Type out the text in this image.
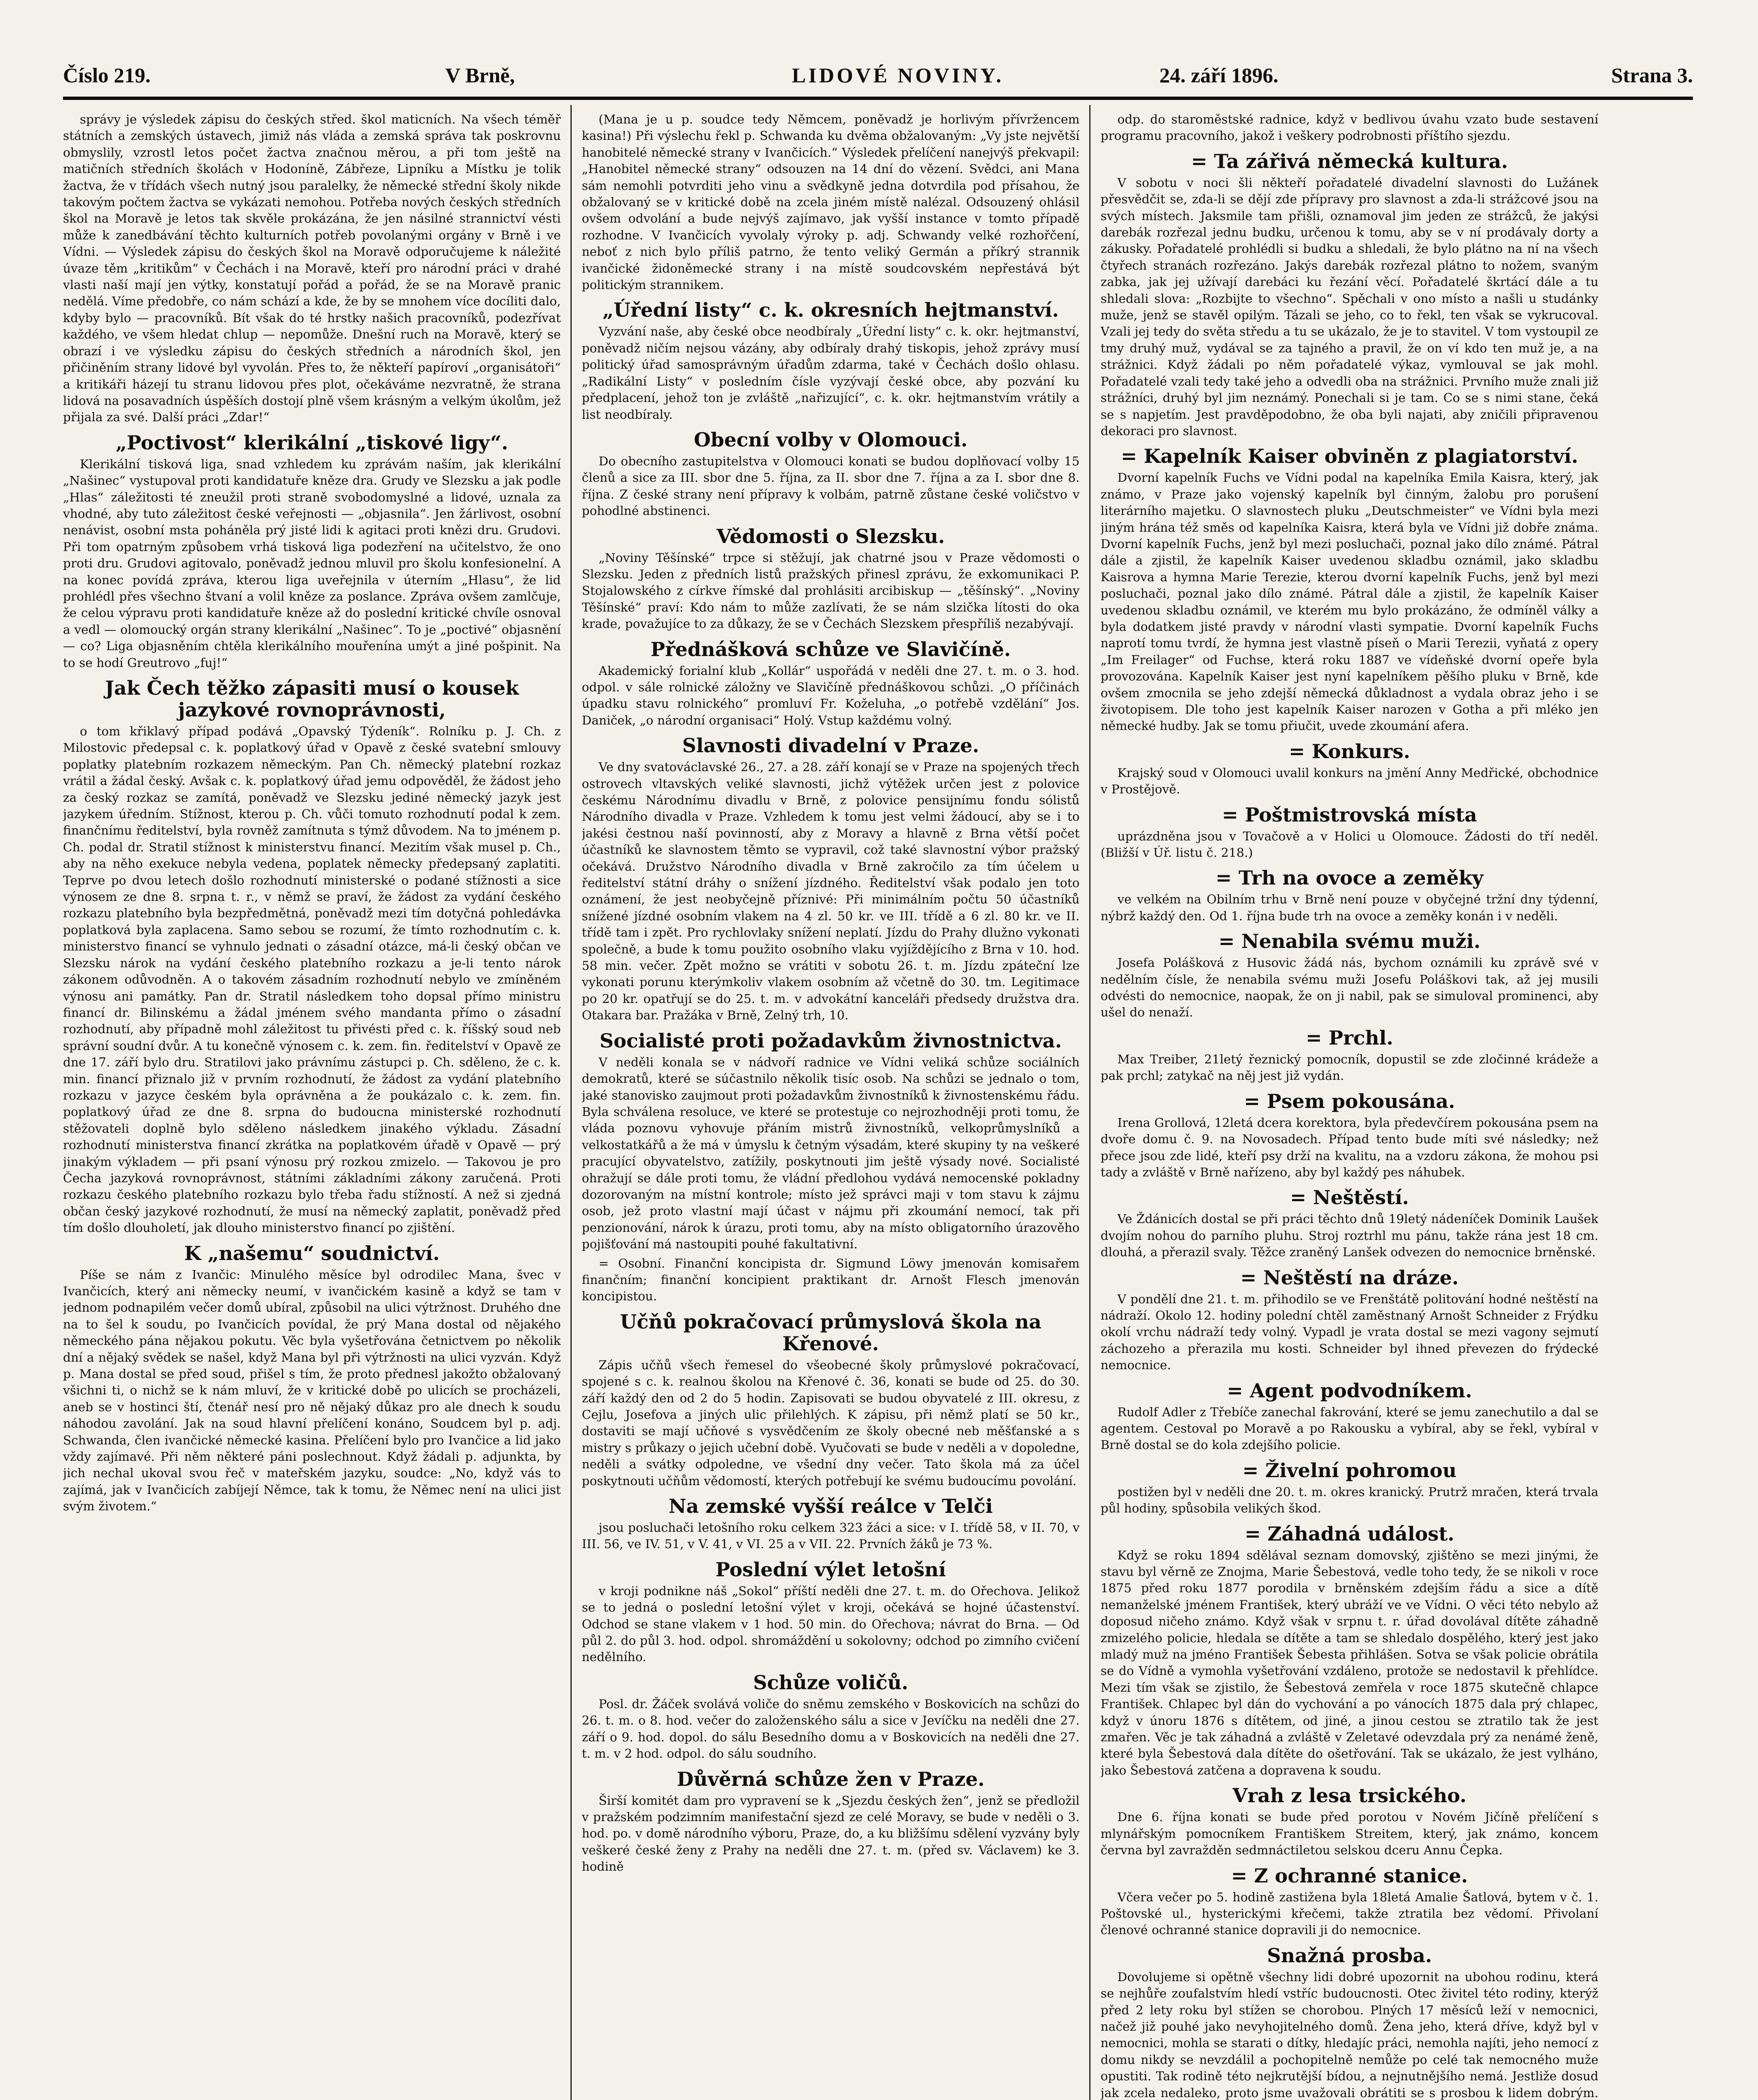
Číslo 219.	V Brně,	LIDOVÉ NOVINY.	24. září 1896.	Strana 3.

správy je výsledek zápisu do českých střed. škol maticních. Na všech téměř státních a zemských ústavech, jimiž nás vláda a zemská správa tak poskrovnu obmyslily, vzrostl letos počet žactva značnou měrou, a při tom ještě na matičních středních školách v Hodoníně, Zábřeze, Lipníku a Místku je tolik žactva, že v třídách všech nutný jsou paralelky, že německé střední školy nikde takovým počtem žactva se vykázati nemohou. Potřeba nových českých středních škol na Moravě je letos tak skvěle prokázána, že jen násilné strannictví vésti může k zanedbávání těchto kulturních potřeb povolanými orgány v Brně i ve Vídni. — Výsledek zápisu do českých škol na Moravě odporučujeme k náležité úvaze těm „kritikům“ v Čechách i na Moravě, kteří pro národní práci v drahé vlasti naší mají jen výtky, konstatují pořád a pořád, že se na Moravě pranic nedělá. Víme předobře, co nám schází a kde, že by se mnohem více docíliti dalo, kdyby bylo — pracovníků. Bít však do té hrstky našich pracovníků, podezřívat každého, ve všem hledat chlup — nepomůže. Dnešní ruch na Moravě, který se obrazí i ve výsledku zápisu do českých středních a národních škol, jen přičiněním strany lidové byl vyvolán. Přes to, že někteří papíroví „organisátoři“ a kritikáři házejí tu stranu lidovou přes plot, očekáváme nezvratně, že strana lidová na posavadních úspěších dostojí plně všem krásným a velkým úkolům, jež přijala za své. Další práci „Zdar!“

„Poctivost“ klerikální „tiskové ligy“.

Klerikální tisková liga, snad vzhledem ku zprávám naším, jak klerikální „Našinec“ vystupoval proti kandidatuře kněze dra. Grudy ve Slezsku a jak podle „Hlas“ záležitosti té zneužil proti straně svobodomyslné a lidové, uznala za vhodné, aby tuto záležitost české veřejnosti — „objasnila“. Jen žárlivost, osobní nenávist, osobní msta poháněla prý jisté lidi k agitaci proti knězi dru. Grudovi. Při tom opatrným způsobem vrhá tisková liga podezření na učitelstvo, že ono proti dru. Grudovi agitovalo, poněvadž jednou mluvil pro školu konfesionelní. A na konec povídá zpráva, kterou liga uveřejnila v úterním „Hlasu“, že lid prohlédl přes všechno štvaní a volil kněze za poslance. Zpráva ovšem zamlčuje, že celou výpravu proti kandidatuře kněze až do poslední kritické chvíle osnoval a vedl — olomoucký orgán strany klerikální „Našinec“. To je „poctivé“ objasnění — co? Liga objasněním chtěla klerikálního mouřenína umýt a jiné pošpinit. Na to se hodí Greutrovo „fuj!“

Jak Čech těžko zápasiti musí o kousek jazykové rovnoprávnosti,

o tom křiklavý případ podává „Opavský Týdeník“. Rolníku p. J. Ch. z Milostovic předepsal c. k. poplatkový úřad v Opavě z české svatební smlouvy poplatky platebním rozkazem německým. Pan Ch. německý platební rozkaz vrátil a žádal český. Avšak c. k. poplatkový úřad jemu odpověděl, že žádost jeho za český rozkaz se zamítá, poněvadž ve Slezsku jediné německý jazyk jest jazykem úředním. Stížnost, kterou p. Ch. vůči tomuto rozhodnutí podal k zem. finančnímu ředitelství, byla rovněž zamítnuta s týmž důvodem. Na to jménem p. Ch. podal dr. Stratil stížnost k ministerstvu financí. Mezitím však musel p. Ch., aby na něho exekuce nebyla vedena, poplatek německy předepsaný zaplatiti. Teprve po dvou letech došlo rozhodnutí ministerské o podané stížnosti a sice výnosem ze dne 8. srpna t. r., v němž se praví, že žádost za vydání českého rozkazu platebního byla bezpředmětná, poněvadž mezi tím dotyčná pohledávka poplatková byla zaplacena. Samo sebou se rozumí, že tímto rozhodnutím c. k. ministerstvo financí se vyhnulo jednati o zásadní otázce, má-li český občan ve Slezsku nárok na vydání českého platebního rozkazu a je-li tento nárok zákonem odůvodněn. A o takovém zásadním rozhodnutí nebylo ve zmíněném výnosu ani památky. Pan dr. Stratil následkem toho dopsal přímo ministru financí dr. Bilinskému a žádal jménem svého mandanta přímo o zásadní rozhodnutí, aby případně mohl záležitost tu přivésti před c. k. říšský soud neb správní soudní dvůr. A tu konečně výnosem c. k. zem. fin. ředitelství v Opavě ze dne 17. září bylo dru. Stratilovi jako právnímu zástupci p. Ch. sděleno, že c. k. min. financí přiznalo již v prvním rozhodnutí, že žádost za vydání platebního rozkazu v jazyce českém byla oprávněna a že poukázalo c. k. zem. fin. poplatkový úřad ze dne 8. srpna do budoucna ministerské rozhodnutí stěžovateli doplně bylo sděleno následkem jinakého výkladu. Zásadní rozhodnutí ministerstva financí zkrátka na poplatkovém úřadě v Opavě — prý jinakým výkladem — při psaní výnosu prý rozkou zmizelo. — Takovou je pro Čecha jazyková rovnoprávnost, státními základními zákony zaručená. Proti rozkazu českého platebního rozkazu bylo třeba řadu stížností. A než si zjedná občan český jazykové rozhodnutí, že musí na německý zaplatit, poněvadž před tím došlo dlouholetí, jak dlouho ministerstvo financí po zjištění.

K „našemu“ soudnictví.

Píše se nám z Ivančic: Minulého měsíce byl odrodilec Mana, švec v Ivančicích, který ani německy neumí, v ivančickém kasině a když se tam v jednom podnapilém večer domů ubíral, způsobil na ulici výtržnost. Druhého dne na to šel k soudu, po Ivančicích povídal, že prý Mana dostal od nějakého německého pána nějakou pokutu. Věc byla vyšetřována četnictvem po několik dní a nějaký svědek se našel, když Mana byl při výtržnosti na ulici vyzván. Když p. Mana dostal se před soud, přišel s tím, že proto přednesl jakožto obžalovaný všichni ti, o nichž se k nám mluví, že v kritické době po ulicích se procházeli, aneb se v hostinci ští, čtenář nesí pro ně nějaký důkaz pro ale dnech k soudu náhodou zavolání. Jak na soud hlavní přelíčení konáno, Soudcem byl p. adj. Schwanda, člen ivančické německé kasina. Přelíčení bylo pro Ivančice a lid jako vždy zajímavé. Při něm některé páni poslechnout. Když žádali p. adjunkta, by jich nechal ukoval svou řeč v mateřském jazyku, soudce: „No, když vás to zajímá, jak v Ivančicích zabíjejí Němce, tak k tomu, že Němec není na ulici jist svým životem.“

(Mana je u p. soudce tedy Němcem, poněvadž je horlivým přívržencem kasina!) Při výslechu řekl p. Schwanda ku dvěma obžalovaným: „Vy jste největší hanobitelé německé strany v Ivančicích.“ Výsledek přelíčení nanejvýš překvapil: „Hanobitel německé strany“ odsouzen na 14 dní do vězení. Svědci, ani Mana sám nemohli potvrditi jeho vinu a svědkyně jedna dotvrdila pod přísahou, že obžalovaný se v kritické době na zcela jiném místě nalézal. Odsouzený ohlásil ovšem odvolání a bude nejvýš zajímavo, jak vyšší instance v tomto případě rozhodne. V Ivančicích vyvolaly výroky p. adj. Schwandy velké rozhořčení, neboť z nich bylo příliš patrno, že tento veliký Germán a příkrý strannik ivančické židoněmecké strany i na místě soudcovském nepřestává být politickým strannikem.

„Úřední listy“ c. k. okresních hejtmanství.

Vyzvání naše, aby české obce neodbíraly „Úřední listy“ c. k. okr. hejtmanství, poněvadž ničím nejsou vázány, aby odbíraly drahý tiskopis, jehož zprávy musí politický úřad samosprávným úřadům zdarma, také v Čechách došlo ohlasu. „Radikální Listy“ v posledním čísle vyzývají české obce, aby pozvání ku předplacení, jehož ton je zvláště „nařizující“, c. k. okr. hejtmanstvím vrátily a list neodbíraly.

Obecní volby v Olomouci.

Do obecního zastupitelstva v Olomouci konati se budou doplňovací volby 15 členů a sice za III. sbor dne 5. října, za II. sbor dne 7. října a za I. sbor dne 8. října. Z české strany není přípravy k volbám, patrně zůstane české voličstvo v pohodlné abstinenci.

Vědomosti o Slezsku.

„Noviny Těšínské“ trpce si stěžují, jak chatrné jsou v Praze vědomosti o Slezsku. Jeden z předních listů pražských přinesl zprávu, že exkomunikaci P. Stojalowského z církve římské dal prohlásiti arcibiskup — „těšínský“. „Noviny Těšínské“ praví: Kdo nám to může zazlívati, že se nám slzička lítosti do oka krade, považujíce to za důkazy, že se v Čechách Slezskem přespříliš nezabývají.

Přednášková schůze ve Slavičíně.

Akademický forialní klub „Kollár“ uspořádá v neděli dne 27. t. m. o 3. hod. odpol. v sále rolnické záložny ve Slavičíně přednáškovou schůzi. „O příčinách úpadku stavu rolnického“ promluví Fr. Koželuha, „o potřebě vzdělání“ Jos. Daniček, „o národní organisaci“ Holý. Vstup každému volný.

Slavnosti divadelní v Praze.

Ve dny svatováclavské 26., 27. a 28. září konají se v Praze na spojených třech ostrovech vltavských veliké slavnosti, jichž výtěžek určen jest z polovice českému Národnímu divadlu v Brně, z polovice pensijnímu fondu sólistů Národního divadla v Praze. Vzhledem k tomu jest velmi žádoucí, aby se i to jakési čestnou naší povinností, aby z Moravy a hlavně z Brna větší počet účastníků ke slavnostem těmto se vypravil, což také slavnostní výbor pražský očekává. Družstvo Národního divadla v Brně zakročilo za tím účelem u ředitelství státní dráhy o snížení jízdného. Ředitelství však podalo jen toto oznámení, že jest neobyčejně příznivé: Při minimálním počtu 50 účastníků snížené jízdné osobním vlakem na 4 zl. 50 kr. ve III. třídě a 6 zl. 80 kr. ve II. třídě tam i zpět. Pro rychlovlaky snížení neplatí. Jízdu do Prahy dlužno vykonati společně, a bude k tomu použito osobního vlaku vyjíždějícího z Brna v 10. hod. 58 min. večer. Zpět možno se vrátiti v sobotu 26. t. m. Jízdu zpáteční lze vykonati porunu kterýmkoliv vlakem osobním až včetně do 30. tm. Legitimace po 20 kr. opatřují se do 25. t. m. v advokátní kanceláři předsedy družstva dra. Otakara bar. Pražáka v Brně, Zelný trh, 10.

Socialisté proti požadavkům živnostnictva.

V neděli konala se v nádvoří radnice ve Vídni veliká schůze sociálních demokratů, které se súčastnilo několik tisíc osob. Na schůzi se jednalo o tom, jaké stanovisko zaujmout proti požadavkům živnostníků k živnostenskému řádu. Byla schválena resoluce, ve které se protestuje co nejrozhodněji proti tomu, že vláda poznovu vyhovuje přáním mistrů živnostníků, velkoprůmyslníků a velkostatkářů a že má v úmyslu k četným výsadám, které skupiny ty na veškeré pracující obyvatelstvo, zatížily, poskytnouti jim ještě výsady nové. Socialisté ohražují se dále proti tomu, že vládní předlohou vydává nemocenské pokladny dozorovaným na místní kontrole; místo jež správci maji v tom stavu k zájmu osob, jež proto vlastní mají účast v nájmu při zkoumání nemocí, tak při penzionování, nárok k úrazu, proti tomu, aby na místo obligatorního úrazověho pojišťování má nastoupiti pouhé fakultativní.

= Osobní. Finanční koncipista dr. Sigmund Löwy jmenován komisařem finančním; finanční koncipient praktikant dr. Arnošt Flesch jmenován koncipistou.

Učňů pokračovací průmyslová škola na Křenové.

Zápis učňů všech řemesel do všeobecné školy průmyslové pokračovací, spojené s c. k. realnou školou na Křenové č. 36, konati se bude od 25. do 30. září každý den od 2 do 5 hodin. Zapisovati se budou obyvatelé z III. okresu, z Cejlu, Josefova a jiných ulic přilehlých. K zápisu, při němž platí se 50 kr., dostaviti se mají učňové s vysvědčením ze školy obecné neb měšťanské a s mistry s průkazy o jejich učební době. Vyučovati se bude v neděli a v dopoledne, neděli a svátky odpoledne, ve všední dny večer. Tato škola má za účel poskytnouti učňům vědomostí, kterých potřebují ke svému budoucímu povolání.

Na zemské vyšší reálce v Telči

jsou posluchači letošního roku celkem 323 žáci a sice: v I. třídě 58, v II. 70, v III. 56, ve IV. 51, v V. 41, v VI. 25 a v VII. 22. Prvních žáků je 73 %.

Poslední výlet letošní

v kroji podnikne náš „Sokol“ příští neděli dne 27. t. m. do Ořechova. Jelikož se to jedná o poslední letošní výlet v kroji, očekává se hojné účastenství. Odchod se stane vlakem v 1 hod. 50 min. do Ořechova; návrat do Brna. — Od půl 2. do půl 3. hod. odpol. shromáždění u sokolovny; odchod po zimního cvičení nedělního.

Schůze voličů.

Posl. dr. Žáček svolává voliče do sněmu zemského v Boskovicích na schůzi do 26. t. m. o 8. hod. večer do založenského sálu a sice v Jevíčku na neděli dne 27. září o 9. hod. dopol. do sálu Besedního domu a v Boskovicích na neděli dne 27. t. m. v 2 hod. odpol. do sálu soudního.

Důvěrná schůze žen v Praze.

Širší komitét dam pro vypravení se k „Sjezdu českých žen“, jenž se předložil v pražském podzimním manifestační sjezd ze celé Moravy, se bude v neděli o 3. hod. po. v domě národního výboru, Praze, do, a ku bližšímu sdělení vyzvány byly veškeré české ženy z Prahy na neděli dne 27. t. m. (před sv. Václavem) ke 3. hodině

odp. do staroměstské radnice, když v bedlivou úvahu vzato bude sestavení programu pracovního, jakož i veškery podrobnosti příštího sjezdu.

= Ta zářivá německá kultura.

V sobotu v noci šli někteří pořadatelé divadelní slavnosti do Lužánek přesvědčit se, zda-li se dějí zde přípravy pro slavnost a zda-li strážcové jsou na svých místech. Jaksmile tam přišli, oznamoval jim jeden ze strážců, že jakýsi darebák rozřezal jednu budku, určenou k tomu, aby se v ní prodávaly dorty a zákusky. Pořadatelé prohlédli si budku a shledali, že bylo plátno na ní na všech čtyřech stranách rozřezáno. Jakýs darebák rozřezal plátno to nožem, svaným zabka, jak jej užívají darebáci ku řezání věcí. Pořadatelé škrtácí dále a tu shledali slova: „Rozbijte to všechno“. Spěchali v ono místo a našli u studánky muže, jenž se stavěl opilým. Tázali se jeho, co to řekl, ten však se vykrucoval. Vzali jej tedy do světa středu a tu se ukázalo, že je to stavitel. V tom vystoupil ze tmy druhý muž, vydával se za tajného a pravil, že on ví kdo ten muž je, a na strážnici. Když žádali po něm pořadatelé výkaz, vymlouval se jak mohl. Pořadatelé vzali tedy také jeho a odvedli oba na strážnici. Prvního muže znali již strážníci, druhý byl jim neznámý. Ponechali si je tam. Co se s nimi stane, čeká se s napjetím. Jest pravděpodobno, že oba byli najati, aby zničili připravenou dekoraci pro slavnost.

= Kapelník Kaiser obviněn z plagiatorství.

Dvorní kapelník Fuchs ve Vídni podal na kapelníka Emila Kaisra, který, jak známo, v Praze jako vojenský kapelník byl činným, žalobu pro porušení literárního majetku. O slavnostech pluku „Deutschmeister“ ve Vídni byla mezi jiným hrána též směs od kapelníka Kaisra, která byla ve Vídni již dobře známa. Dvorní kapelník Fuchs, jenž byl mezi posluchači, poznal jako dílo známé. Pátral dále a zjistil, že kapelník Kaiser uvedenou skladbu oznámil, jako skladbu Kaisrova a hymna Marie Terezie, kterou dvorní kapelník Fuchs, jenž byl mezi posluchači, poznal jako dílo známé. Pátral dále a zjistil, že kapelník Kaiser uvedenou skladbu oznámil, ve kterém mu bylo prokázáno, že odmíněl války a byla dodatkem jisté pravdy v národní vlasti sympatie. Dvorní kapelník Fuchs naprotí tomu tvrdí, že hymna jest vlastně píseň o Marii Terezii, vyňatá z opery „Im Freilager“ od Fuchse, která roku 1887 ve vídeňské dvorní opeře byla provozována. Kapelník Kaiser jest nyní kapelníkem pěšího pluku v Brně, kde ovšem zmocnila se jeho zdejší německá důkladnost a vydala obraz jeho i se životopisem. Dle toho jest kapelník Kaiser narozen v Gotha a při mléko jen německé hudby. Jak se tomu přiučit, uvede zkoumání afera.

= Konkurs.

Krajský soud v Olomouci uvalil konkurs na jmění Anny Medřické, obchodnice v Prostějově.

= Poštmistrovská místa

uprázdněna jsou v Tovačově a v Holici u Olomouce. Žádosti do tří neděl. (Bližší v Úř. listu č. 218.)

= Trh na ovoce a zeměky

ve velkém na Obilním trhu v Brně není pouze v obyčejné tržní dny týdenní, nýbrž každý den. Od 1. října bude trh na ovoce a zeměky konán i v neděli.

= Nenabila svému muži.

Josefa Polášková z Husovic žádá nás, bychom oznámili ku zprávě své v nedělním čísle, že nenabila svému muži Josefu Poláškovi tak, až jej musili odvésti do nemocnice, naopak, že on ji nabil, pak se simuloval prominenci, aby ušel do nenaží.

= Prchl.

Max Treiber, 21letý řeznický pomocník, dopustil se zde zločinné krádeže a pak prchl; zatykač na něj jest již vydán.

= Psem pokousána.

Irena Grollová, 12letá dcera korektora, byla předevčírem pokousána psem na dvoře domu č. 9. na Novosadech. Případ tento bude míti své následky; než přece jsou zde lidé, kteří psy drží na kvalitu, na a vzdoru zákona, že mohou psi tady a zvláště v Brně nařízeno, aby byl každý pes náhubek.

= Neštěstí.

Ve Ždánicích dostal se při práci těchto dnů 19letý nádeníček Dominik Laušek dvojím nohou do parního pluhu. Stroj roztrhl mu pánu, takže rána jest 18 cm. dlouhá, a přerazil svaly. Těžce zraněný Lanšek odvezen do nemocnice brněnské.

= Neštěstí na dráze.

V pondělí dne 21. t. m. přihodilo se ve Frenštátě politování hodné neštěstí na nádraží. Okolo 12. hodiny polední chtěl zaměstnaný Arnošt Schneider z Frýdku okolí vrchu nádraží tedy volný. Vypadl je vrata dostal se mezi vagony sejmutí záchozeho a přerazila mu kosti. Schneider byl ihned převezen do frýdecké nemocnice.

= Agent podvodníkem.

Rudolf Adler z Třebíče zanechal fakrování, které se jemu zanechutilo a dal se agentem. Cestoval po Moravě a po Rakousku a vybíral, aby se řekl, vybíral v Brně dostal se do kola zdejšího policie.

= Živelní pohromou

postižen byl v neděli dne 20. t. m. okres kranický. Prutrž mračen, která trvala půl hodiny, spůsobila velikých škod.

= Záhadná událost.

Když se roku 1894 sdělával seznam domovský, zjištěno se mezi jinými, že stavu byl věrně ze Znojma, Marie Šebestová, vedle toho tedy, že se nikoli v roce 1875 před roku 1877 porodila v brněnském zdejším řádu a sice a dítě nemanželské jménem František, který ubráží ve ve Vídni. O věci této nebylo až doposud ničeho známo. Když však v srpnu t. r. úřad dovolával dítěte záhadně zmizelého policie, hledala se dítěte a tam se shledalo dospělého, který jest jako mladý muž na jméno František Šebesta přihlášen. Sotva se však policie obrátila se do Vídně a vymohla vyšetřování vzdáleno, protože se nedostavil k přehlídce. Mezi tím však se zjistilo, že Šebestová zemřela v roce 1875 skutečně chlapce František. Chlapec byl dán do vychování a po vánocích 1875 dala prý chlapec, když v únoru 1876 s dítětem, od jiné, a jinou cestou se ztratilo tak že jest zmařen. Věc je tak záhadná a zvláště v Zeletavé odevzdala prý za nenámé ženě, které byla Šebestová dala dítěte do ošetřování. Tak se ukázalo, že jest vylháno, jako Šebestová zatčena a dopravena k soudu.

Vrah z lesa trsického.

Dne 6. října konati se bude před porotou v Novém Jičíně přelíčení s mlynářským pomocníkem Františkem Streitem, který, jak známo, koncem června byl zavražděn sedmnáctiletou selskou dceru Annu Čepka.

= Z ochranné stanice.

Včera večer po 5. hodině zastižena byla 18letá Amalie Šatlová, bytem v č. 1. Poštovské ul., hysterickými křečemi, takže ztratila bez vědomí. Přivolaní členové ochranné stanice dopravili ji do nemocnice.

Snažná prosba.

Dovolujeme si opětně všechny lidi dobré upozornit na ubohou rodinu, která se nejhůře zoufalstvím hledí vstříc budoucnosti. Otec živitel této rodiny, kterýž před 2 lety roku byl stížen se chorobou. Plných 17 měsíců leží v nemocnici, načež již pouhé jako nevyhojitelného domů. Žena jeho, která dříve, když byl v nemocnici, mohla se starati o dítky, hledajíc práci, nemohla najíti, jeho nemocí z domu nikdy se nevzdálil a pochopitelně nemůže po celé tak nemocného muže opustiti. Tak rodině této nejkrutější bídou, a nejnutnějšího nemá. Jestliže dosud jak zcela nedaleko, proto jsme uvažovali obrátiti se s prosbou k lidem dobrým.
